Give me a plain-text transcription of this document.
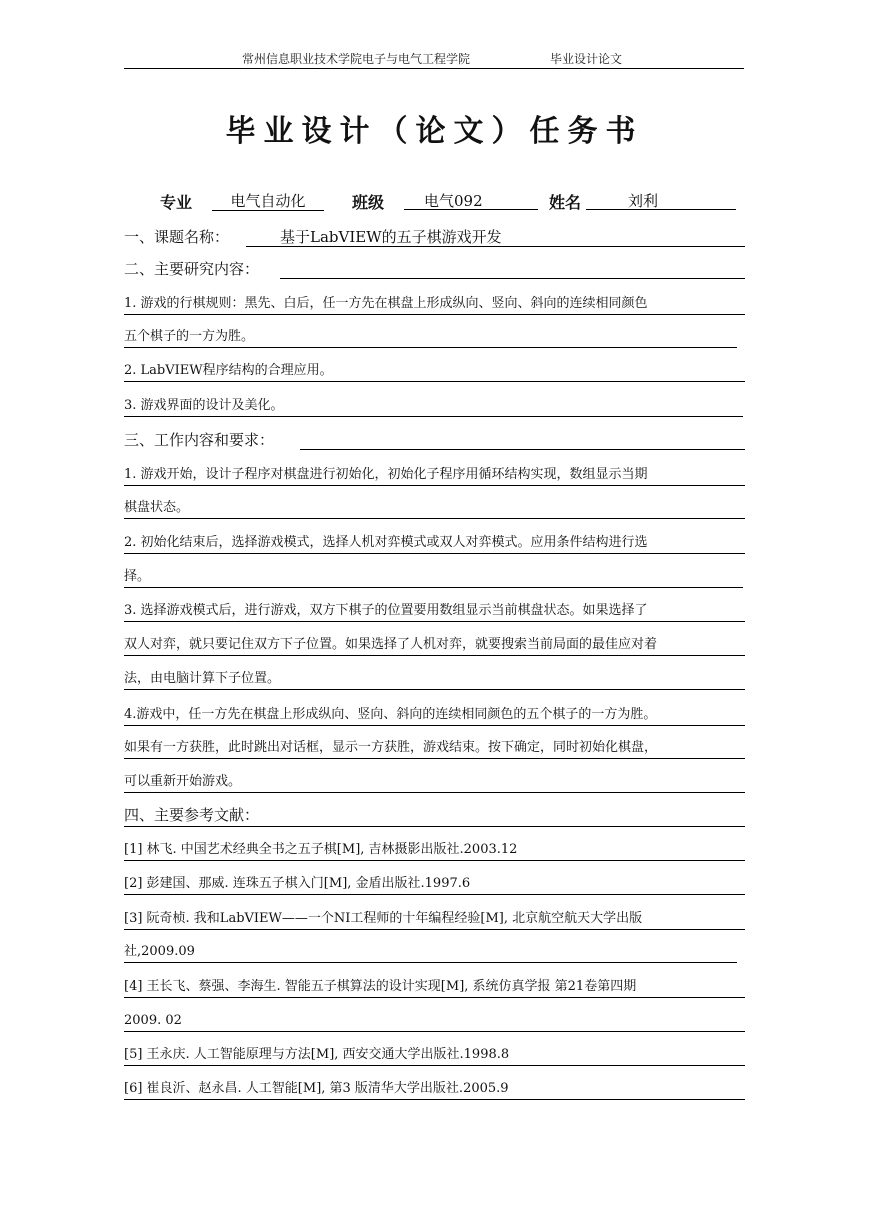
常州信息职业技术学院电子与电气工程学院	毕业设计论文
毕业设计（论文）任务书
专业	电气自动化	班级	电气092	姓名	刘利
一、课题名称：	基于LabVIEW的五子棋游戏开发
二、主要研究内容：
1. 游戏的行棋规则：黑先、白后，任一方先在棋盘上形成纵向、竖向、斜向的连续相同颜色
五个棋子的一方为胜。
2. LabVIEW程序结构的合理应用。
3. 游戏界面的设计及美化。
三、工作内容和要求：
1. 游戏开始，设计子程序对棋盘进行初始化，初始化子程序用循环结构实现，数组显示当期
棋盘状态。
2. 初始化结束后，选择游戏模式，选择人机对弈模式或双人对弈模式。应用条件结构进行选
择。
3. 选择游戏模式后，进行游戏，双方下棋子的位置要用数组显示当前棋盘状态。如果选择了
双人对弈，就只要记住双方下子位置。如果选择了人机对弈，就要搜索当前局面的最佳应对着
法，由电脑计算下子位置。
4.游戏中，任一方先在棋盘上形成纵向、竖向、斜向的连续相同颜色的五个棋子的一方为胜。
如果有一方获胜，此时跳出对话框，显示一方获胜，游戏结束。按下确定，同时初始化棋盘，
可以重新开始游戏。
四、主要参考文献：
[1] 林飞. 中国艺术经典全书之五子棋[M], 吉林摄影出版社.2003.12
[2] 彭建国、那威. 连珠五子棋入门[M], 金盾出版社.1997.6
[3] 阮奇桢. 我和LabVIEW——一个NI工程师的十年编程经验[M], 北京航空航天大学出版
社,2009.09
[4] 王长飞、蔡强、李海生. 智能五子棋算法的设计实现[M], 系统仿真学报 第21卷第四期
2009. 02
[5] 王永庆. 人工智能原理与方法[M], 西安交通大学出版社.1998.8
[6] 崔良沂、赵永昌. 人工智能[M], 第3 版清华大学出版社.2005.9
